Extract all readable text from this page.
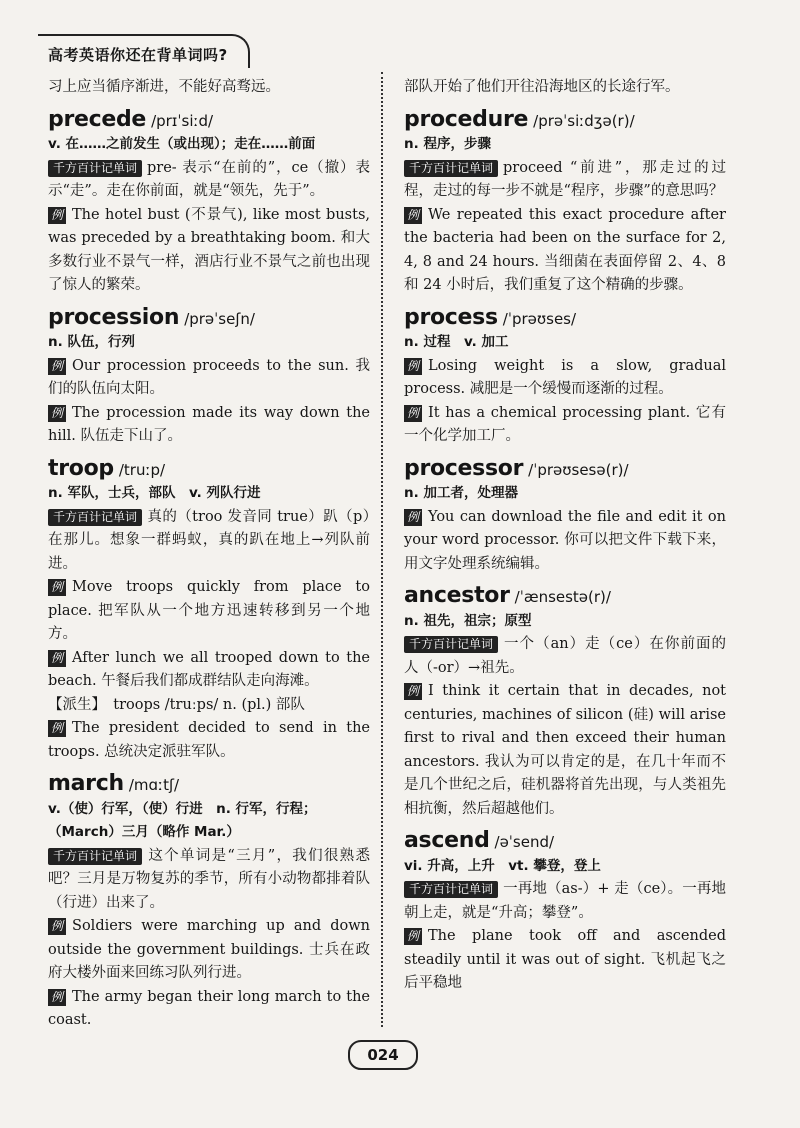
高考英语你还在背单词吗?

习上应当循序渐进，不能好高骛远。

precede /prɪˈsiːd/
v. 在……之前发生（或出现）；走在……前面

千方百计记单词 pre- 表示“在前的”，ce（撤）表示“走”。走在你前面，就是“领先，先于”。

例 The hotel bust (不景气), like most busts, was preceded by a breathtaking boom. 和大多数行业不景气一样，酒店行业不景气之前也出现了惊人的繁荣。

procession /prəˈseʃn/
n. 队伍，行列

例 Our procession proceeds to the sun. 我们的队伍向太阳。

例 The procession made its way down the hill. 队伍走下山了。

troop /truːp/
n. 军队，士兵，部队　v. 列队行进

千方百计记单词 真的（troo 发音同 true）趴（p）在那儿。想象一群蚂蚁，真的趴在地上→列队前进。

例 Move troops quickly from place to place. 把军队从一个地方迅速转移到另一个地方。

例 After lunch we all trooped down to the beach. 午餐后我们都成群结队走向海滩。

【派生】　troops /truːps/ n. (pl.) 部队

例 The president decided to send in the troops. 总统决定派驻军队。

march /mɑːtʃ/
v.（使）行军，（使）行进　n. 行军，行程；（March）三月（略作 Mar.）

千方百计记单词 这个单词是“三月”，我们很熟悉吧？三月是万物复苏的季节，所有小动物都排着队（行进）出来了。

例 Soldiers were marching up and down outside the government buildings. 士兵在政府大楼外面来回练习队列行进。

例 The army began their long march to the coast.

部队开始了他们开往沿海地区的长途行军。

procedure /prəˈsiːdʒə(r)/
n. 程序，步骤

千方百计记单词 proceed “前进”，那走过的过程，走过的每一步不就是“程序，步骤”的意思吗？

例 We repeated this exact procedure after the bacteria had been on the surface for 2, 4, 8 and 24 hours. 当细菌在表面停留 2、4、8 和 24 小时后，我们重复了这个精确的步骤。

process /ˈprəʊses/
n. 过程　v. 加工

例 Losing weight is a slow, gradual process. 减肥是一个缓慢而逐渐的过程。

例 It has a chemical processing plant. 它有一个化学加工厂。

processor /ˈprəʊsesə(r)/
n. 加工者，处理器

例 You can download the file and edit it on your word processor. 你可以把文件下载下来，用文字处理系统编辑。

ancestor /ˈænsestə(r)/
n. 祖先，祖宗；原型

千方百计记单词 一个（an）走（ce）在你前面的人（-or）→祖先。

例 I think it certain that in decades, not centuries, machines of silicon (硅) will arise first to rival and then exceed their human ancestors. 我认为可以肯定的是，在几十年而不是几个世纪之后，硅机器将首先出现，与人类祖先相抗衡，然后超越他们。

ascend /əˈsend/
vi. 升高，上升　vt. 攀登，登上

千方百计记单词 一再地（as-）+ 走（ce）。一再地朝上走，就是“升高；攀登”。

例 The plane took off and ascended steadily until it was out of sight. 飞机起飞之后平稳地

024
